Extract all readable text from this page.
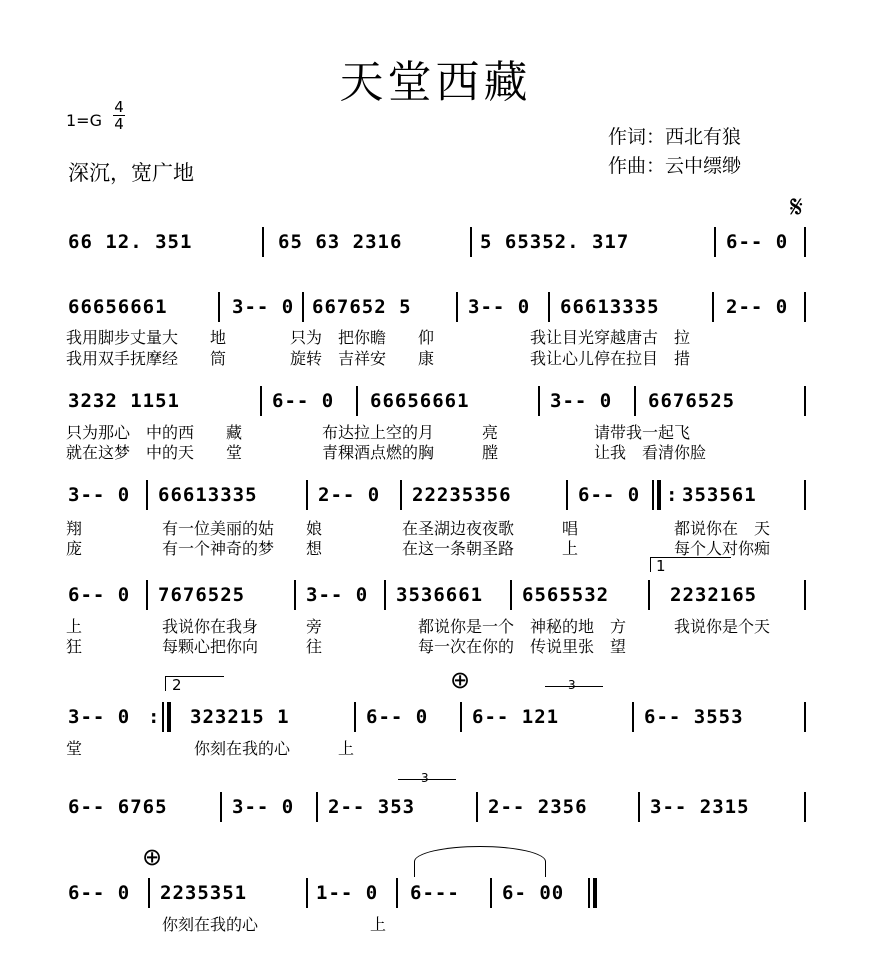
天堂西藏
$1=G \frac{4}{4}$
深沉，宽广地
作词：西北有狼
作曲：云中缥缈
𝄋
66 12. 351	65 63 2316	5 65352. 317	6-- 0
66656661	3-- 0 667652 5	3-- 0 66613335	2-- 0
我用脚步丈量大　　地　　　　只为　把你瞻　　仰　　　　　　我让目光穿越唐古　拉
我用双手抚摩经　　筒　　　　旋转　吉祥安　　康　　　　　　我让心儿停在拉目　措
3232 1151	6-- 0 66656661	3-- 0 6676525
只为那心　中的西　　藏　　　　　布达拉上空的月　　　亮　　　　　　请带我一起飞
就在这梦　中的天　　堂　　　　　青稞酒点燃的胸　　　膛　　　　　　让我　看清你脸
3-- 0 66613335	2-- 0 22235356	6-- 0 : 353561
翔　　　　　有一位美丽的姑　　娘　　　　　在圣湖边夜夜歌　　　唱　　　　　　都说你在　天
庞　　　　　有一个神奇的梦　　想　　　　　在这一条朝圣路　　　上　　　　　　每个人对你痴
1
6-- 0 7676525	3-- 0 3536661 6565532	2232165
上　　　　　我说你在我身　　　旁　　　　　　都说你是一个　神秘的地　方　　　我说你是个天
狂　　　　　每颗心把你向　　　往　　　　　　每一次在你的　传说里张　望
2	⊕	3
3-- 0 : 323215 1	6-- 0 6-- 121	6-- 3553
堂　　　　　　　你刻在我的心　　　上
3
6-- 6765	3-- 0 2-- 353	2-- 2356	3-- 2315
⊕
6-- 0 2235351	1-- 0 6--- 6- 00
　　　　　　你刻在我的心　　　　　　　上
